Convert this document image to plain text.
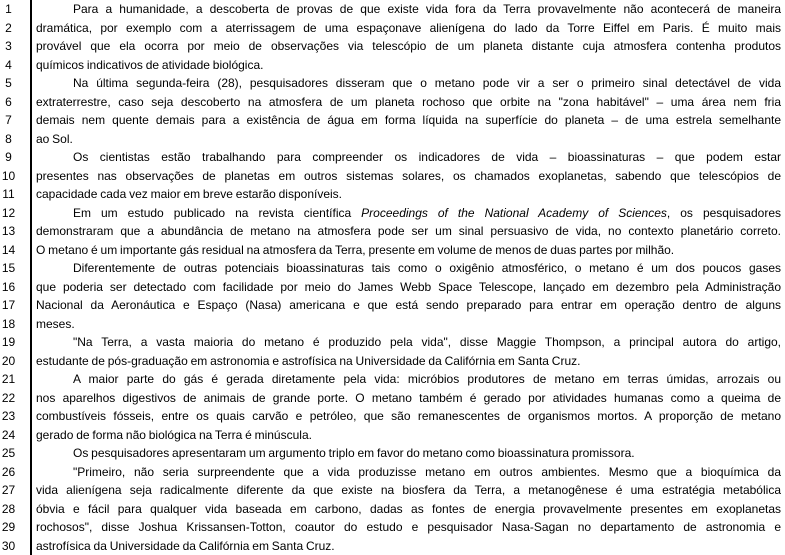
1
2
3
4
5
6
7
8
9
10
11
12
13
14
15
16
17
18
19
20
21
22
23
24
25
26
27
28
29
30
Para a humanidade, a descoberta de provas de que existe vida fora da Terra provavelmente não acontecerá de maneira
dramática, por exemplo com a aterrissagem de uma espaçonave alienígena do lado da Torre Eiffel em Paris. É muito mais
provável que ela ocorra por meio de observações via telescópio de um planeta distante cuja atmosfera contenha produtos
químicos indicativos de atividade biológica.
Na última segunda-feira (28), pesquisadores disseram que o metano pode vir a ser o primeiro sinal detectável de vida
extraterrestre, caso seja descoberto na atmosfera de um planeta rochoso que orbite na "zona habitável" – uma área nem fria
demais nem quente demais para a existência de água em forma líquida na superfície do planeta – de uma estrela semelhante
ao Sol.
Os cientistas estão trabalhando para compreender os indicadores de vida – bioassinaturas – que podem estar
presentes nas observações de planetas em outros sistemas solares, os chamados exoplanetas, sabendo que telescópios de
capacidade cada vez maior em breve estarão disponíveis.
Em um estudo publicado na revista científica Proceedings of the National Academy of Sciences, os pesquisadores
demonstraram que a abundância de metano na atmosfera pode ser um sinal persuasivo de vida, no contexto planetário correto.
O metano é um importante gás residual na atmosfera da Terra, presente em volume de menos de duas partes por milhão.
Diferentemente de outras potenciais bioassinaturas tais como o oxigênio atmosférico, o metano é um dos poucos gases
que poderia ser detectado com facilidade por meio do James Webb Space Telescope, lançado em dezembro pela Administração
Nacional da Aeronáutica e Espaço (Nasa) americana e que está sendo preparado para entrar em operação dentro de alguns
meses.
"Na Terra, a vasta maioria do metano é produzido pela vida", disse Maggie Thompson, a principal autora do artigo,
estudante de pós-graduação em astronomia e astrofísica na Universidade da Califórnia em Santa Cruz.
A maior parte do gás é gerada diretamente pela vida: micróbios produtores de metano em terras úmidas, arrozais ou
nos aparelhos digestivos de animais de grande porte. O metano também é gerado por atividades humanas como a queima de
combustíveis fósseis, entre os quais carvão e petróleo, que são remanescentes de organismos mortos. A proporção de metano
gerado de forma não biológica na Terra é minúscula.
Os pesquisadores apresentaram um argumento triplo em favor do metano como bioassinatura promissora.
"Primeiro, não seria surpreendente que a vida produzisse metano em outros ambientes. Mesmo que a bioquímica da
vida alienígena seja radicalmente diferente da que existe na biosfera da Terra, a metanogênese é uma estratégia metabólica
óbvia e fácil para qualquer vida baseada em carbono, dadas as fontes de energia provavelmente presentes em exoplanetas
rochosos", disse Joshua Krissansen-Totton, coautor do estudo e pesquisador Nasa-Sagan no departamento de astronomia e
astrofísica da Universidade da Califórnia em Santa Cruz.
